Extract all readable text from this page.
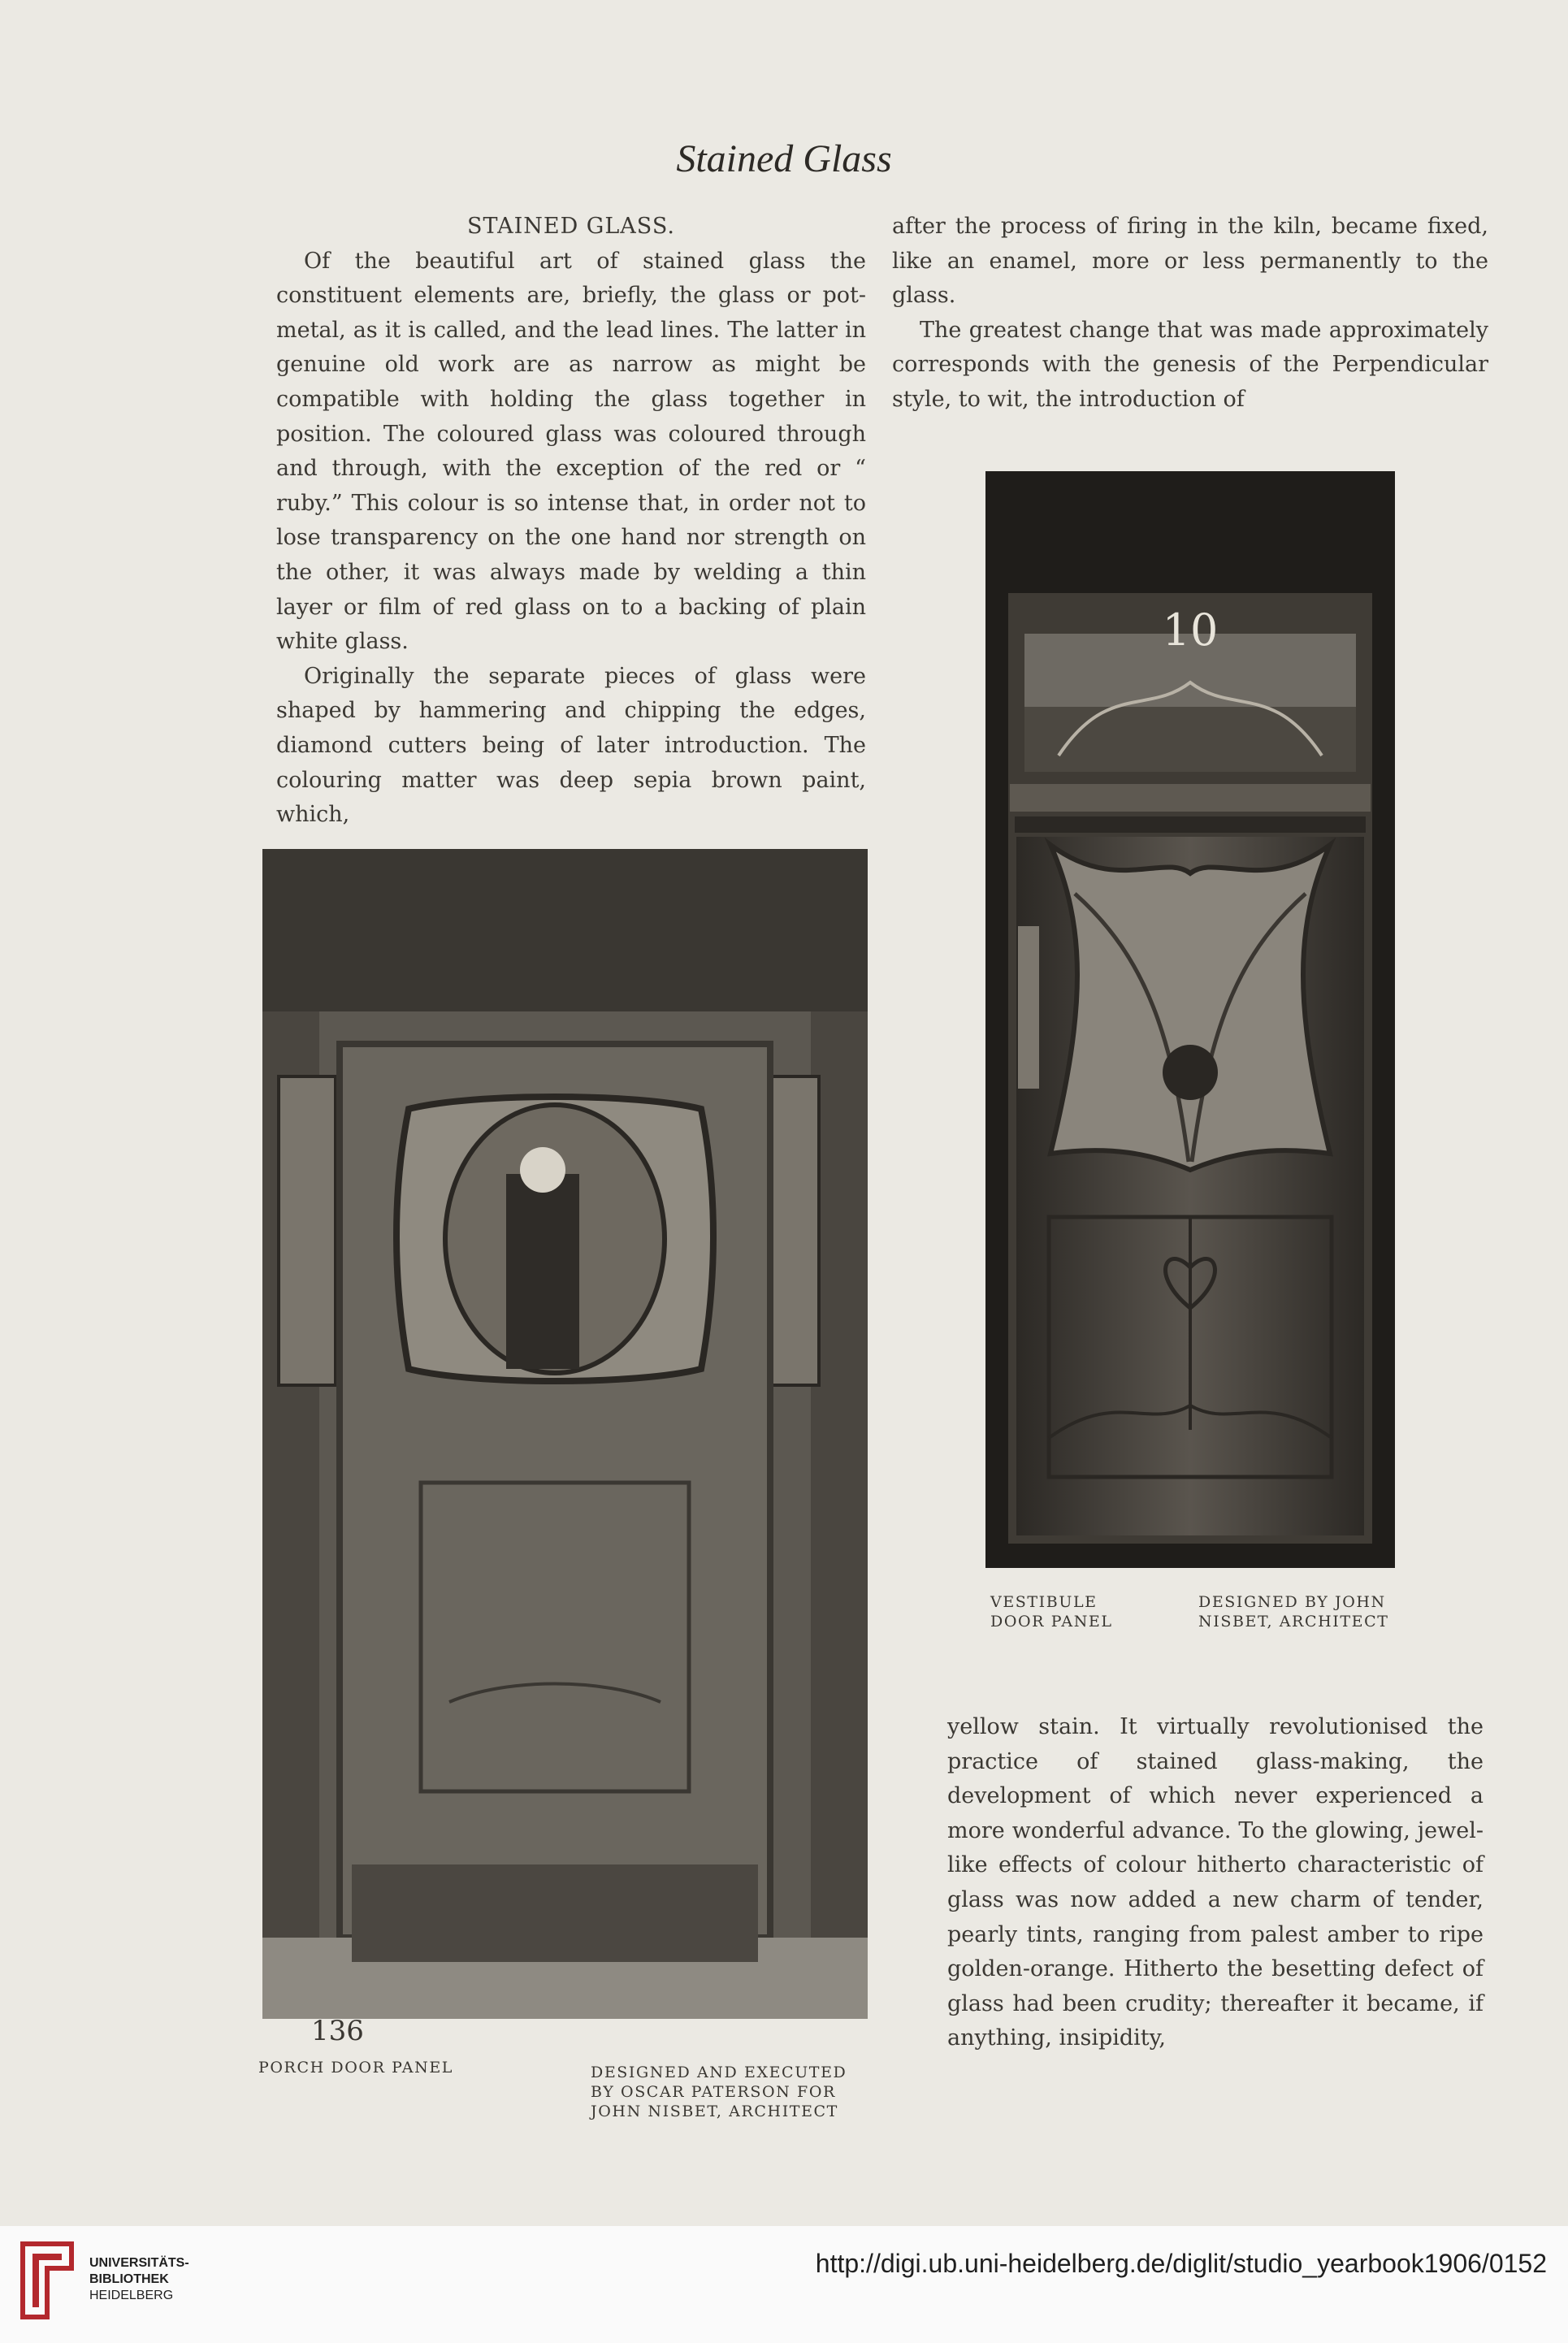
Stained Glass

STAINED GLASS.

Of the beautiful art of stained glass the constituent elements are, briefly, the glass or pot-metal, as it is called, and the lead lines. The latter in genuine old work are as narrow as might be compatible with holding the glass together in position. The coloured glass was coloured through and through, with the exception of the red or “ ruby.” This colour is so intense that, in order not to lose transparency on the one hand nor strength on the other, it was always made by welding a thin layer or film of red glass on to a backing of plain white glass.

Originally the separate pieces of glass were shaped by hammering and chipping the edges, diamond cutters being of later introduction. The colouring matter was deep sepia brown paint, which,

after the process of firing in the kiln, became fixed, like an enamel, more or less permanently to the glass.

The greatest change that was made approximately corresponds with the genesis of the Perpendicular style, to wit, the introduction of

10
VESTIBULE
DOOR PANEL
DESIGNED BY JOHN
NISBET, ARCHITECT
PORCH DOOR PANEL	DESIGNED AND EXECUTED
BY OSCAR PATERSON FOR
JOHN NISBET, ARCHITECT

yellow stain. It virtually revolutionised the practice of stained glass-making, the development of which never experienced a more wonderful advance. To the glowing, jewel-like effects of colour hitherto characteristic of glass was now added a new charm of tender, pearly tints, ranging from palest amber to ripe golden-orange. Hitherto the besetting defect of glass had been crudity; thereafter it became, if anything, insipidity,

136
UNIVERSITÄTS-
BIBLIOTHEK
HEIDELBERG
http://digi.ub.uni-heidelberg.de/diglit/studio_yearbook1906/0152
